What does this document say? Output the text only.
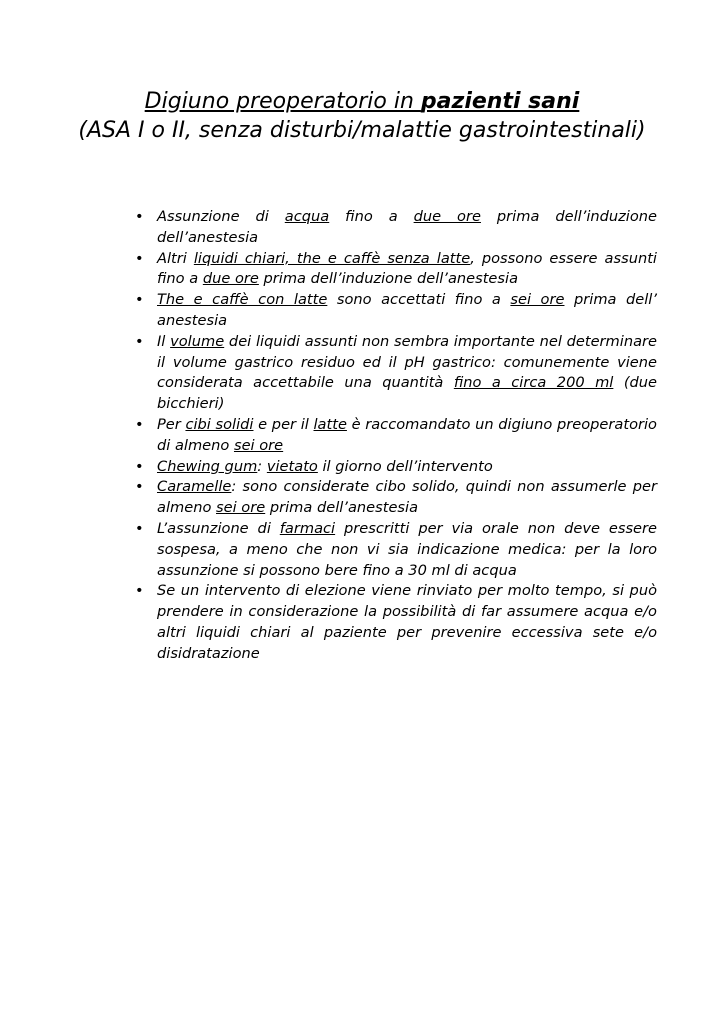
Digiuno preoperatorio in pazienti sani
(ASA I o II, senza disturbi/malattie gastrointestinali)
• Assunzione di acqua fino a due ore prima dell’induzione dell’anestesia
• Altri liquidi chiari, the e caffè senza latte, possono essere assunti fino a due ore prima dell’induzione dell’anestesia
• The e caffè con latte sono accettati fino a sei ore prima dell’ anestesia
• Il volume dei liquidi assunti non sembra importante nel determinare il volume gastrico residuo ed il pH gastrico: comunemente viene considerata accettabile una quantità fino a circa 200 ml (due bicchieri)
• Per cibi solidi e per il latte è raccomandato un digiuno preoperatorio di almeno sei ore
• Chewing gum: vietato il giorno dell’intervento
• Caramelle: sono considerate cibo solido, quindi non assumerle per almeno sei ore prima dell’anestesia
• L’assunzione di farmaci prescritti per via orale non deve essere sospesa, a meno che non vi sia indicazione medica: per la loro assunzione si possono bere fino a 30 ml di acqua
• Se un intervento di elezione viene rinviato per molto tempo, si può prendere in considerazione la possibilità di far assumere acqua e/o altri liquidi chiari al paziente per prevenire eccessiva sete e/o disidratazione
